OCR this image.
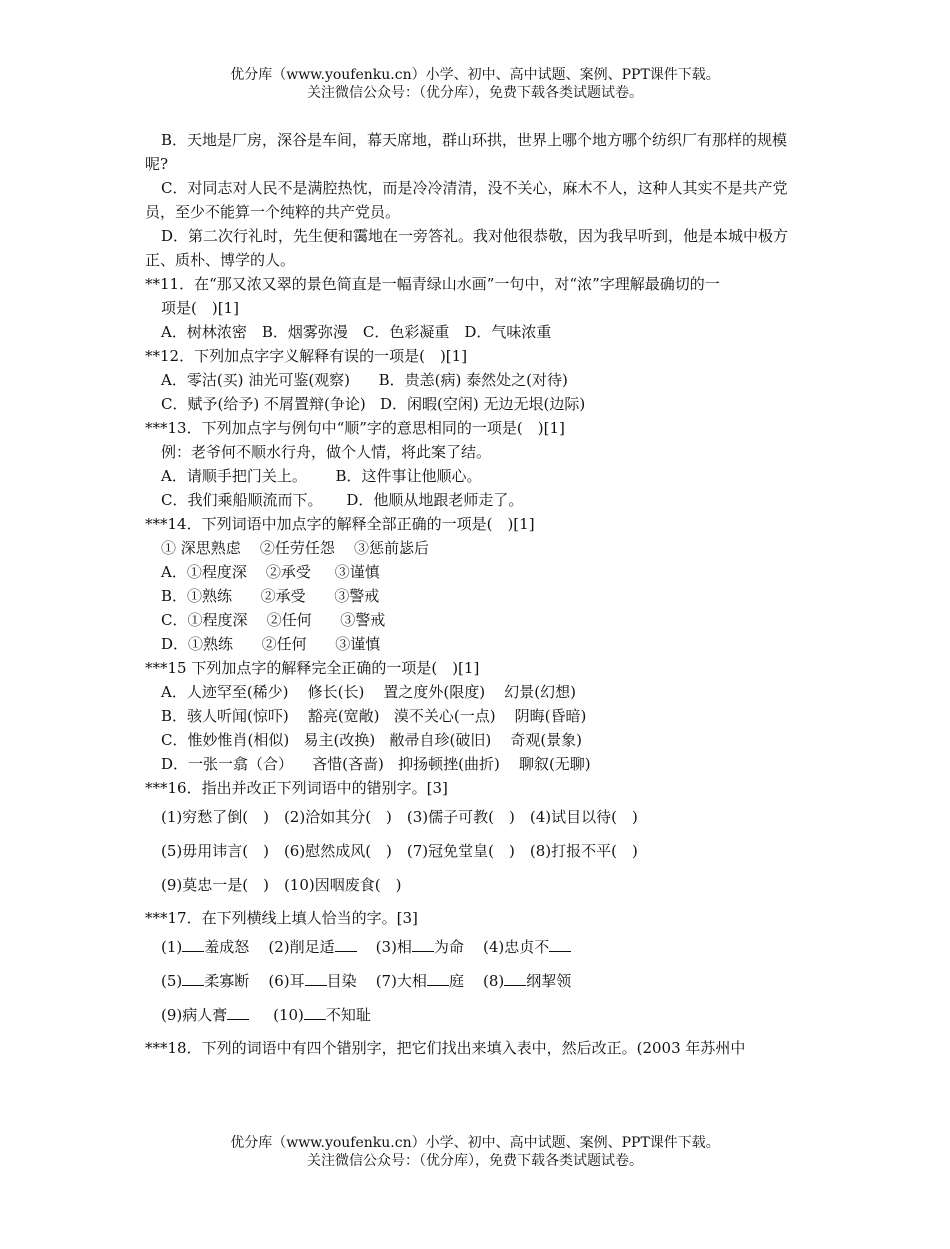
优分库（www.youfenku.cn）小学、初中、高中试题、案例、PPT课件下载。
关注微信公众号：（优分库），免费下载各类试题试卷。

B．天地是厂房，深谷是车间，幕天席地，群山环拱，世界上哪个地方哪个纺织厂有那样的规模呢?

C．对同志对人民不是满腔热忱，而是冷冷清清，没不关心，麻木不人，这种人其实不是共产党员，至少不能算一个纯粹的共产党员。

D．第二次行礼时，先生便和霭地在一旁答礼。我对他很恭敬，因为我早听到，他是本城中极方正、质朴、博学的人。

**11．在“那又浓又翠的景色简直是一幅青绿山水画”一句中，对“浓”字理解最确切的一

项是(　)[1]

A．树林浓密　B．烟雾弥漫　C．色彩凝重　D．气味浓重

**12．下列加点字字义解释有误的一项是(　)[1]

A．零沽(买) 油光可鉴(观察) B．贵恙(病) 泰然处之(对待)

C．赋予(给予) 不屑置辩(争论) D．闲暇(空闲) 无边无垠(边际)

***13．下列加点字与例句中“顺”字的意思相同的一项是(　)[1]

例：老爷何不顺水行舟，做个人情，将此案了结。

A．请顺手把门关上。 B．这件事让他顺心。

C．我们乘船顺流而下。 D．他顺从地跟老师走了。

***14．下列词语中加点字的解释全部正确的一项是(　)[1]

① 深思熟虑 ②任劳任怨 ③惩前毖后

A．①程度深 ②承受 ③谨慎

B．①熟练 ②承受 ③警戒

C．①程度深 ②任何 ③警戒

D．①熟练 ②任何 ③谨慎

***15 下列加点字的解释完全正确的一项是(　)[1]

A．人迹罕至(稀少) 修长(长) 置之度外(限度) 幻景(幻想)

B．骇人听闻(惊吓) 豁亮(宽敞) 漠不关心(一点) 阴晦(昏暗)

C．惟妙惟肖(相似) 易主(改换) 敝帚自珍(破旧) 奇观(景象)

D．一张一翕（合） 吝惜(吝啬) 抑扬顿挫(曲折) 聊叙(无聊)

***16．指出并改正下列词语中的错别字。[3]

(1)穷愁了倒(　)　(2)洽如其分(　)　(3)儒子可教(　)　(4)试目以待(　)

(5)毋用讳言(　)　(6)慰然成风(　)　(7)冠免堂皇(　)　(8)打报不平(　)

(9)莫忠一是(　)　(10)因咽废食(　)

***17．在下列横线上填人恰当的字。[3]

(1) 羞成怒 (2)削足适	(3)相 为命 (4)忠贞不

(5) 柔寡断 (6)耳 目染 (7)大相 庭 (8) 纲挈领

(9)病人膏	(10) 不知耻

***18．下列的词语中有四个错别字，把它们找出来填入表中，然后改正。(2003 年苏州中

优分库（www.youfenku.cn）小学、初中、高中试题、案例、PPT课件下载。
关注微信公众号：（优分库），免费下载各类试题试卷。
